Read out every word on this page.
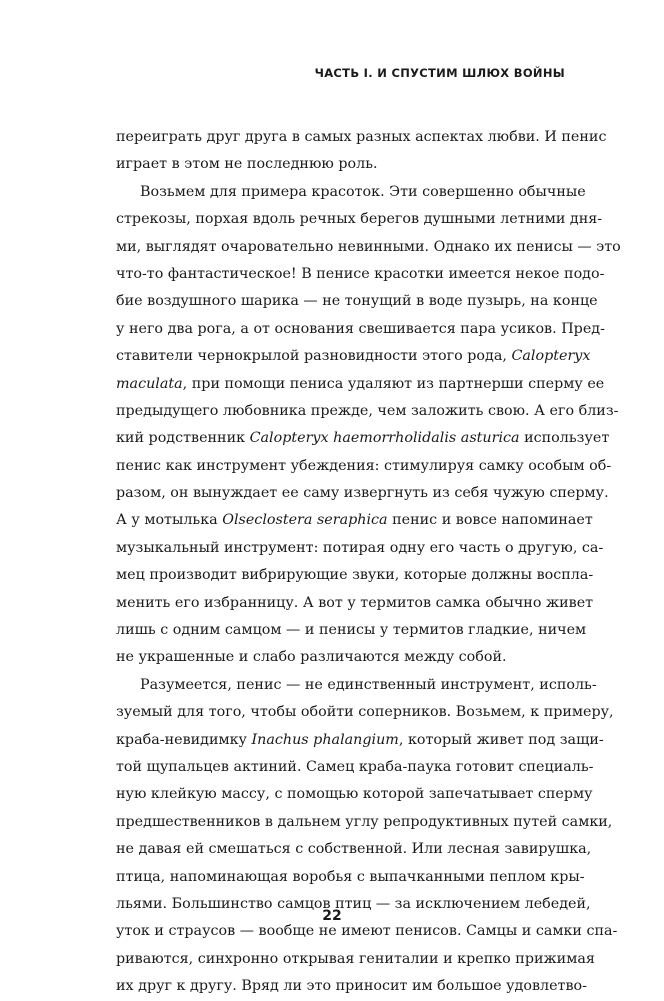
ЧАСТЬ I. И СПУСТИМ ШЛЮХ ВОЙНЫ
переиграть друг друга в самых разных аспектах любви. И пенис
играет в этом не последнюю роль.
Возьмем для примера красоток. Эти совершенно обычные
стрекозы, порхая вдоль речных берегов душными летними дня-
ми, выглядят очаровательно невинными. Однако их пенисы — это
что-то фантастическое! В пенисе красотки имеется некое подо-
бие воздушного шарика — не тонущий в воде пузырь, на конце
у него два рога, а от основания свешивается пара усиков. Пред-
ставители чернокрылой разновидности этого рода, Calopteryx
maculata, при помощи пениса удаляют из партнерши сперму ее
предыдущего любовника прежде, чем заложить свою. А его близ-
кий родственник Calopteryx haemorrholidalis asturica использует
пенис как инструмент убеждения: стимулируя самку особым об-
разом, он вынуждает ее саму извергнуть из себя чужую сперму.
А у мотылька Olseclostera seraphica пенис и вовсе напоминает
музыкальный инструмент: потирая одну его часть о другую, са-
мец производит вибрирующие звуки, которые должны воспла-
менить его избранницу. А вот у термитов самка обычно живет
лишь с одним самцом — и пенисы у термитов гладкие, ничем
не украшенные и слабо различаются между собой.
Разумеется, пенис — не единственный инструмент, исполь-
зуемый для того, чтобы обойти соперников. Возьмем, к примеру,
краба-невидимку Inachus phalangium, который живет под защи-
той щупальцев актиний. Самец краба-паука готовит специаль-
ную клейкую массу, с помощью которой запечатывает сперму
предшественников в дальнем углу репродуктивных путей самки,
не давая ей смешаться с собственной. Или лесная завирушка,
птица, напоминающая воробья с выпачканными пеплом кры-
льями. Большинство самцов птиц — за исключением лебедей,
уток и страусов — вообще не имеют пенисов. Самцы и самки спа-
риваются, синхронно открывая гениталии и крепко прижимая
их друг к другу. Вряд ли это приносит им большое удовлетво-
22
